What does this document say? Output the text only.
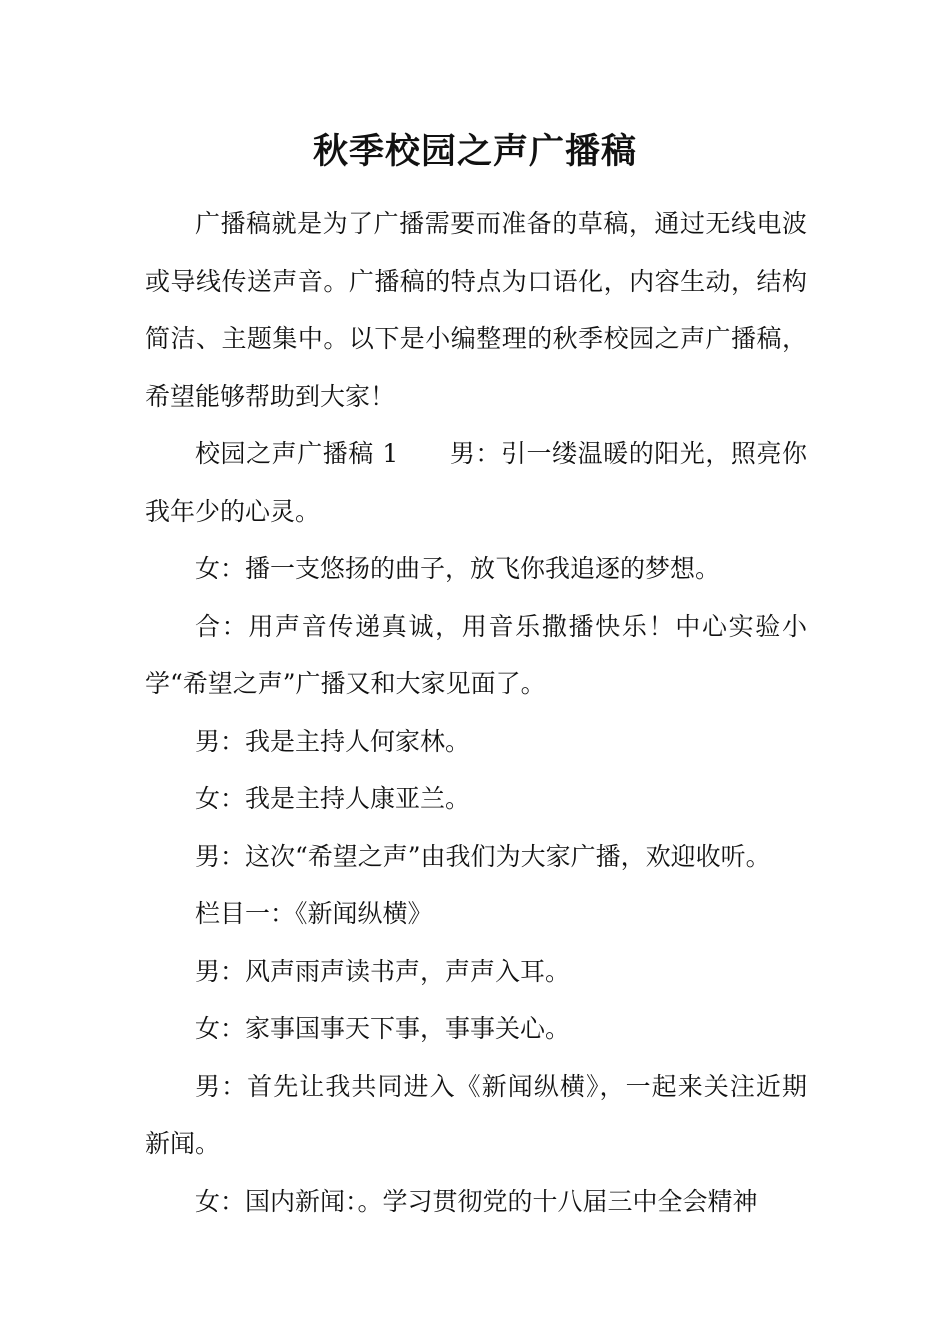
秋季校园之声广播稿

广播稿就是为了广播需要而准备的草稿，通过无线电波或导线传送声音。广播稿的特点为口语化，内容生动，结构简洁、主题集中。以下是小编整理的秋季校园之声广播稿，希望能够帮助到大家！

校园之声广播稿 1　　男：引一缕温暖的阳光，照亮你我年少的心灵。

女：播一支悠扬的曲子，放飞你我追逐的梦想。

合：用声音传递真诚，用音乐撒播快乐！中心实验小学“希望之声”广播又和大家见面了。

男：我是主持人何家林。

女：我是主持人康亚兰。

男：这次“希望之声”由我们为大家广播，欢迎收听。

栏目一：《新闻纵横》

男：风声雨声读书声，声声入耳。

女：家事国事天下事，事事关心。

男：首先让我共同进入《新闻纵横》，一起来关注近期新闻。

女：国内新闻：。学习贯彻党的十八届三中全会精神
